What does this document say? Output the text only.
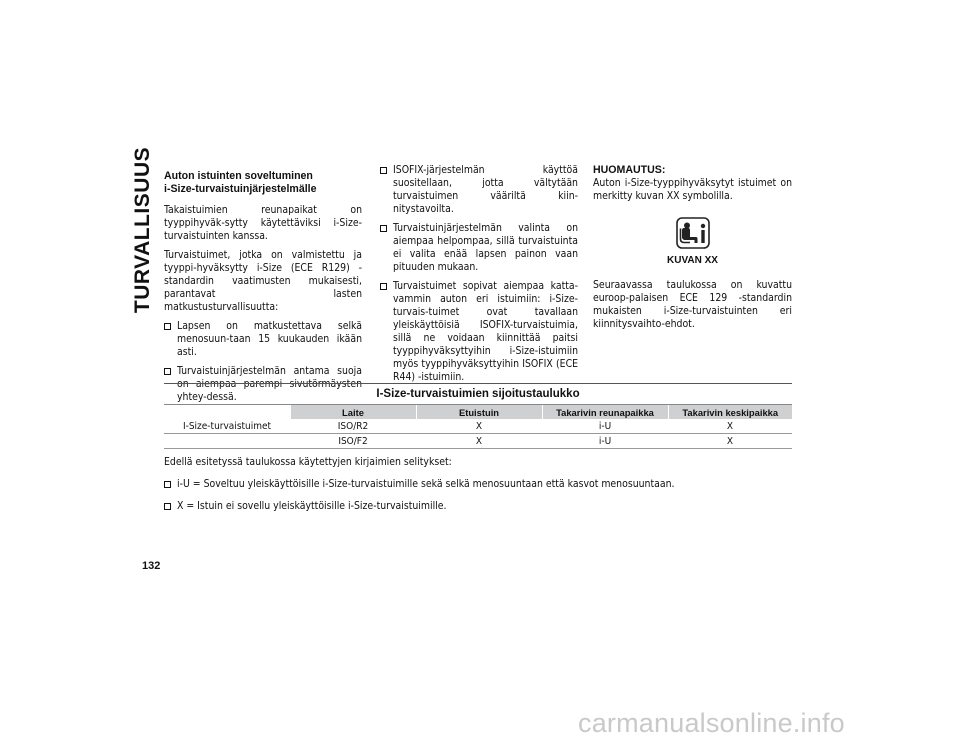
TURVALLISUUS Auton istuinten soveltuminen
i-Size-turvaistuinjärjestelmälle

Takaistuimien reunapaikat on tyyppihyväk-sytty käytettäviksi i-Size-turvaistuinten kanssa.

Turvaistuimet, jotka on valmistettu ja tyyppi-hyväksytty i-Size (ECE R129) -standardin vaatimusten mukaisesti, parantavat lasten matkustusturvallisuutta:

Lapsen on matkustettava selkä menosuun-taan 15 kuukauden ikään asti.
Turvaistuinjärjestelmän antama suoja on aiempaa parempi sivutörmäysten yhtey-dessä.
ISOFIX-järjestelmän käyttöä suositellaan, jotta vältytään turvaistuimen vääriltä kiin-nitystavoilta.
Turvaistuinjärjestelmän valinta on aiempaa helpompaa, sillä turvaistuinta ei valita enää lapsen painon vaan pituuden mukaan.
Turvaistuimet sopivat aiempaa katta-vammin auton eri istuimiin: i-Size-turvais-tuimet ovat tavallaan yleiskäyttöisiä ISOFIX-turvaistuimia, sillä ne voidaan kiinnittää paitsi tyyppihyväksyttyihin i-Size-istuimiin myös tyyppihyväksyttyihin ISOFIX (ECE R44) -istuimiin.
HUOMAUTUS:

Auton i-Size-tyyppihyväksytyt istuimet on merkitty kuvan XX symbolilla.

KUVAN XX

Seuraavassa taulukossa on kuvattu euroop-palaisen ECE 129 -standardin mukaisten i-Size-turvaistuinten eri kiinnitysvaihto-ehdot.

I-Size-turvaistuimien sijoitustaulukko				
	Laite	Etuistuin	Takarivin reunapaikka	Takarivin keskipaikka
I-Size-turvaistuimet	ISO/R2	X	i-U	X
	ISO/F2	X	i-U	X

Edellä esitetyssä taulukossa käytettyjen kirjaimien selitykset:

i-U = Soveltuu yleiskäyttöisille i-Size-turvaistuimille sekä selkä menosuuntaan että kasvot menosuuntaan.
X = Istuin ei sovellu yleiskäyttöisille i-Size-turvaistuimille.
132
carmanualsonline.info
